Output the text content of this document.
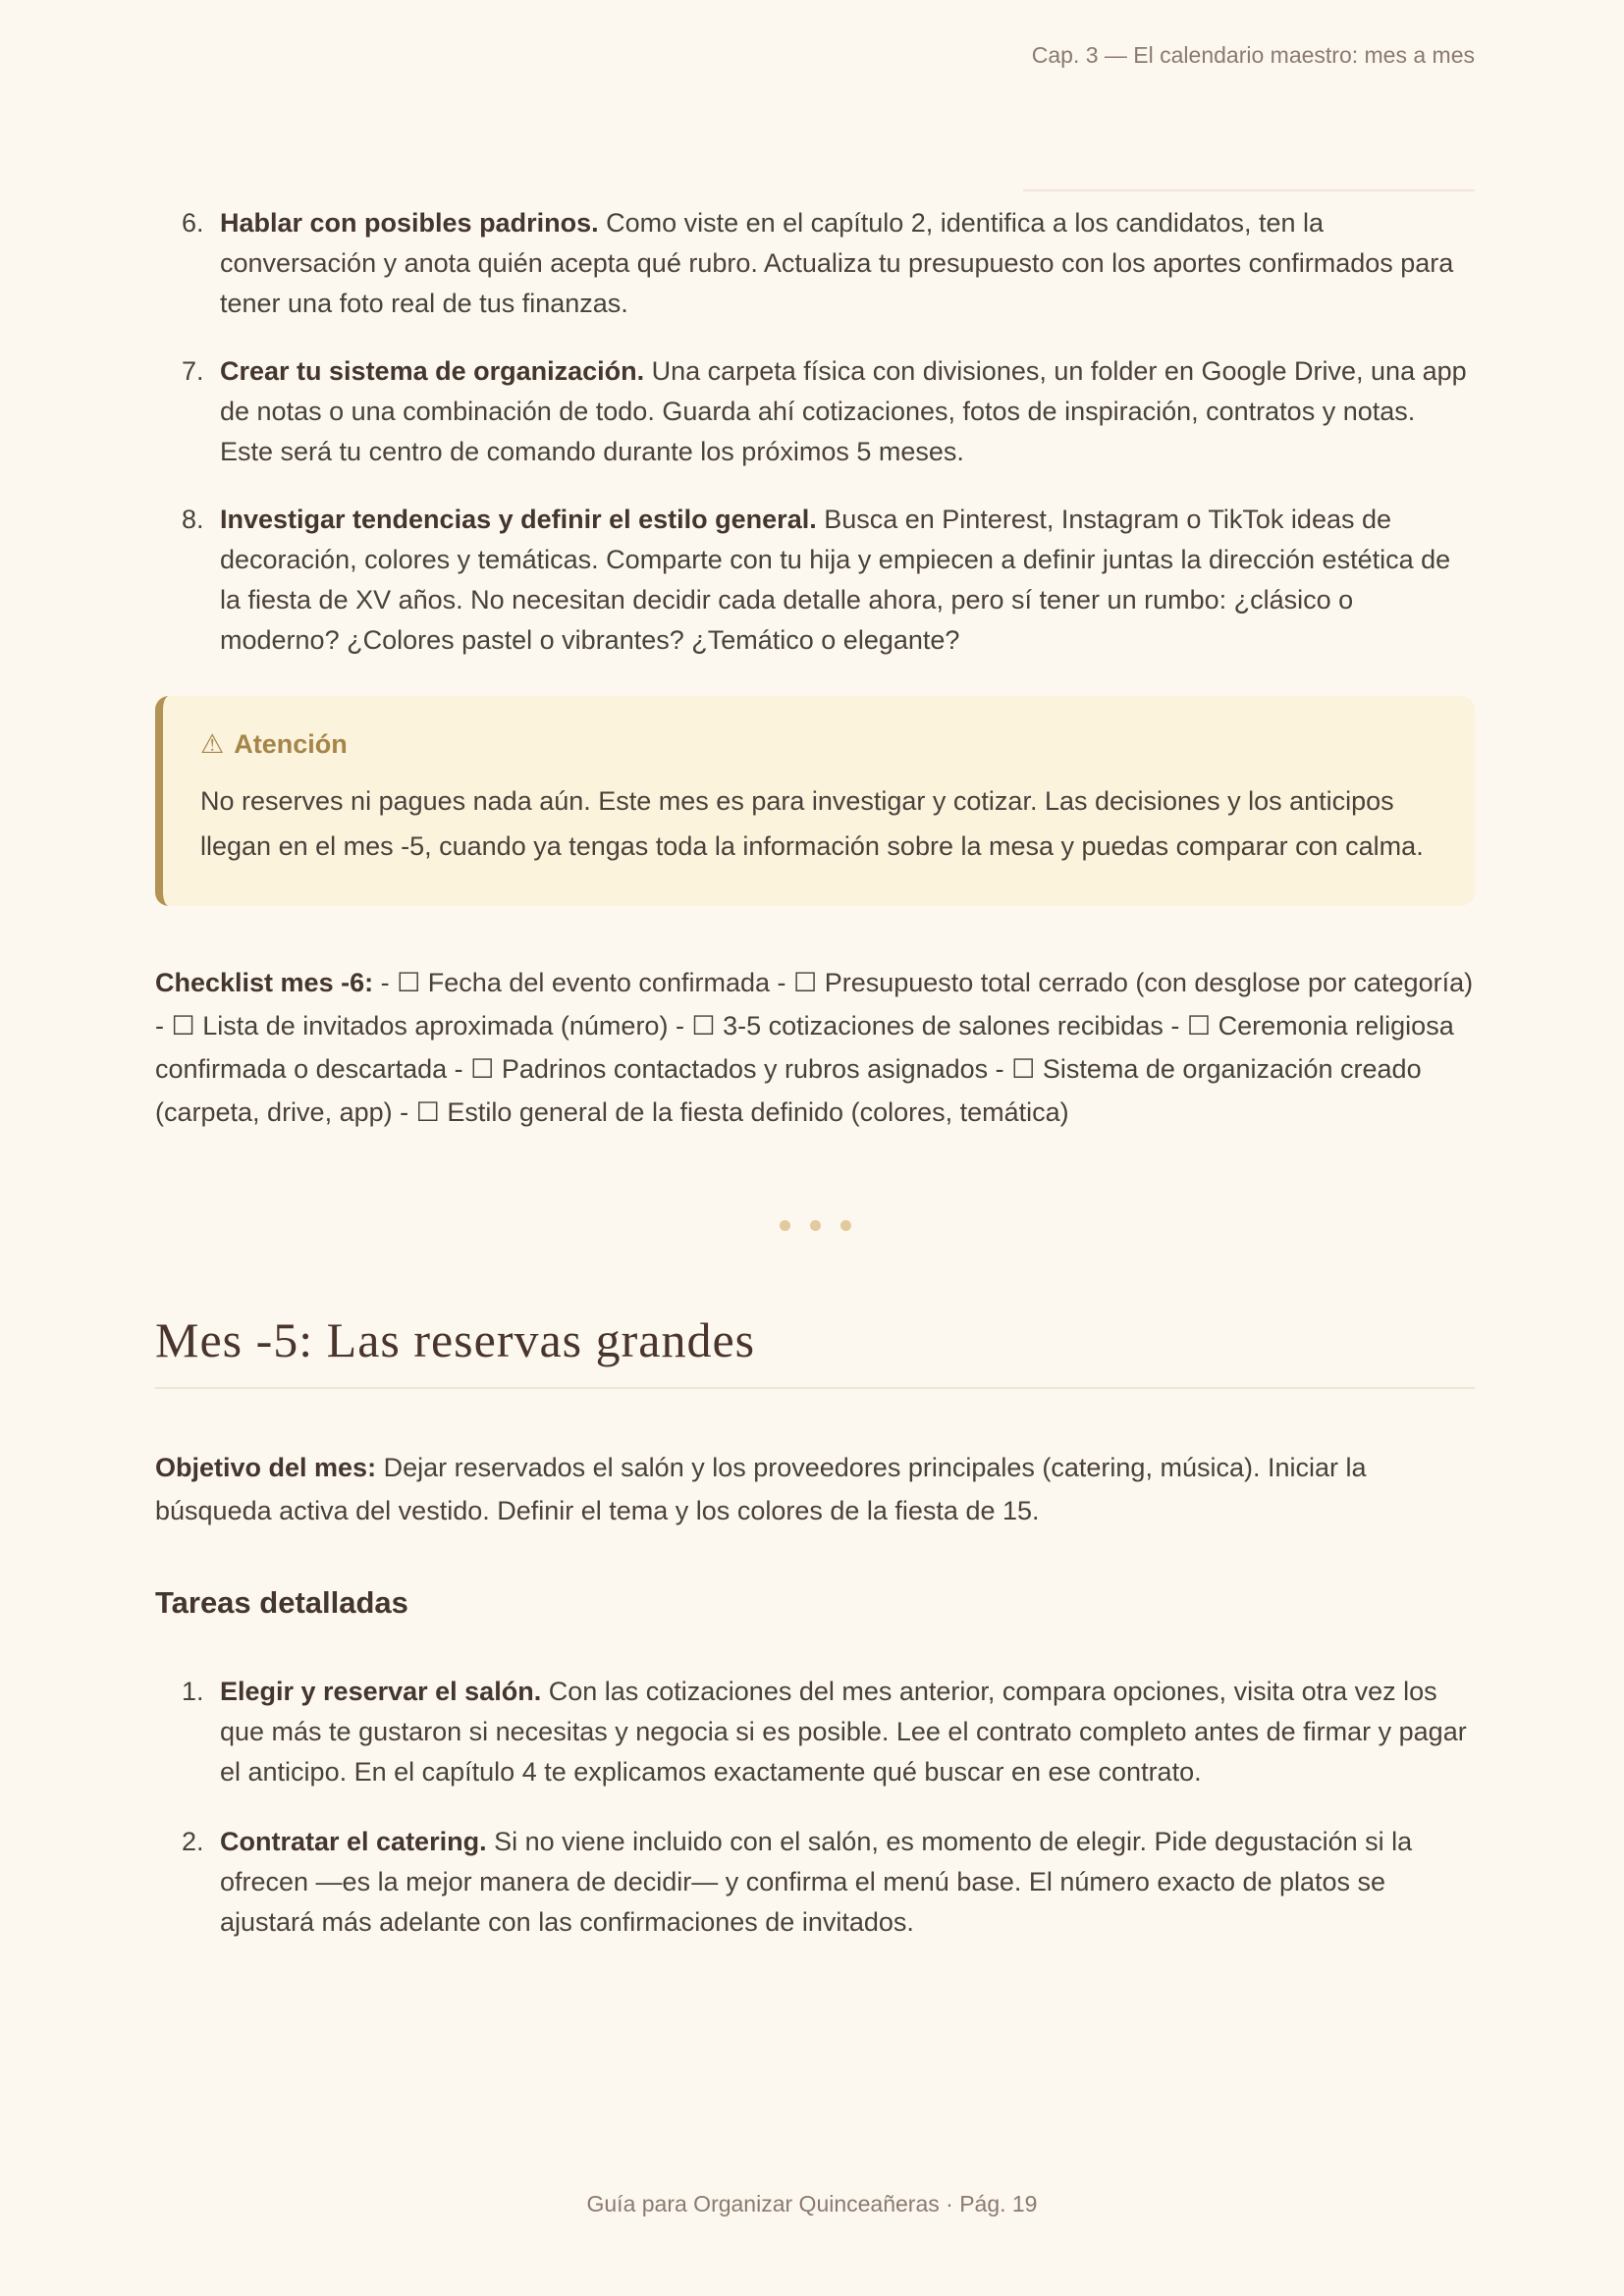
Cap. 3 — El calendario maestro: mes a mes
6. Hablar con posibles padrinos. Como viste en el capítulo 2, identifica a los candidatos, ten la conversación y anota quién acepta qué rubro. Actualiza tu presupuesto con los aportes confirmados para tener una foto real de tus finanzas.

7. Crear tu sistema de organización. Una carpeta física con divisiones, un folder en Google Drive, una app de notas o una combinación de todo. Guarda ahí cotizaciones, fotos de inspiración, contratos y notas. Este será tu centro de comando durante los próximos 5 meses.

8. Investigar tendencias y definir el estilo general. Busca en Pinterest, Instagram o TikTok ideas de decoración, colores y temáticas. Comparte con tu hija y empiecen a definir juntas la dirección estética de la fiesta de XV años. No necesitan decidir cada detalle ahora, pero sí tener un rumbo: ¿clásico o moderno? ¿Colores pastel o vibrantes? ¿Temático o elegante?

⚠ Atención

No reserves ni pagues nada aún. Este mes es para investigar y cotizar. Las decisiones y los anticipos llegan en el mes -5, cuando ya tengas toda la información sobre la mesa y puedas comparar con calma.

Checklist mes -6: - ☐ Fecha del evento confirmada - ☐ Presupuesto total cerrado (con desglose por categoría) - ☐ Lista de invitados aproximada (número) - ☐ 3-5 cotizaciones de salones recibidas - ☐ Ceremonia religiosa confirmada o descartada - ☐ Padrinos contactados y rubros asignados - ☐ Sistema de organización creado (carpeta, drive, app) - ☐ Estilo general de la fiesta definido (colores, temática)

Mes -5: Las reservas grandes

Objetivo del mes: Dejar reservados el salón y los proveedores principales (catering, música). Iniciar la búsqueda activa del vestido. Definir el tema y los colores de la fiesta de 15.

Tareas detalladas
1. Elegir y reservar el salón. Con las cotizaciones del mes anterior, compara opciones, visita otra vez los que más te gustaron si necesitas y negocia si es posible. Lee el contrato completo antes de firmar y pagar el anticipo. En el capítulo 4 te explicamos exactamente qué buscar en ese contrato.

2. Contratar el catering. Si no viene incluido con el salón, es momento de elegir. Pide degustación si la ofrecen —es la mejor manera de decidir— y confirma el menú base. El número exacto de platos se ajustará más adelante con las confirmaciones de invitados.

Guía para Organizar Quinceañeras · Pág. 19
